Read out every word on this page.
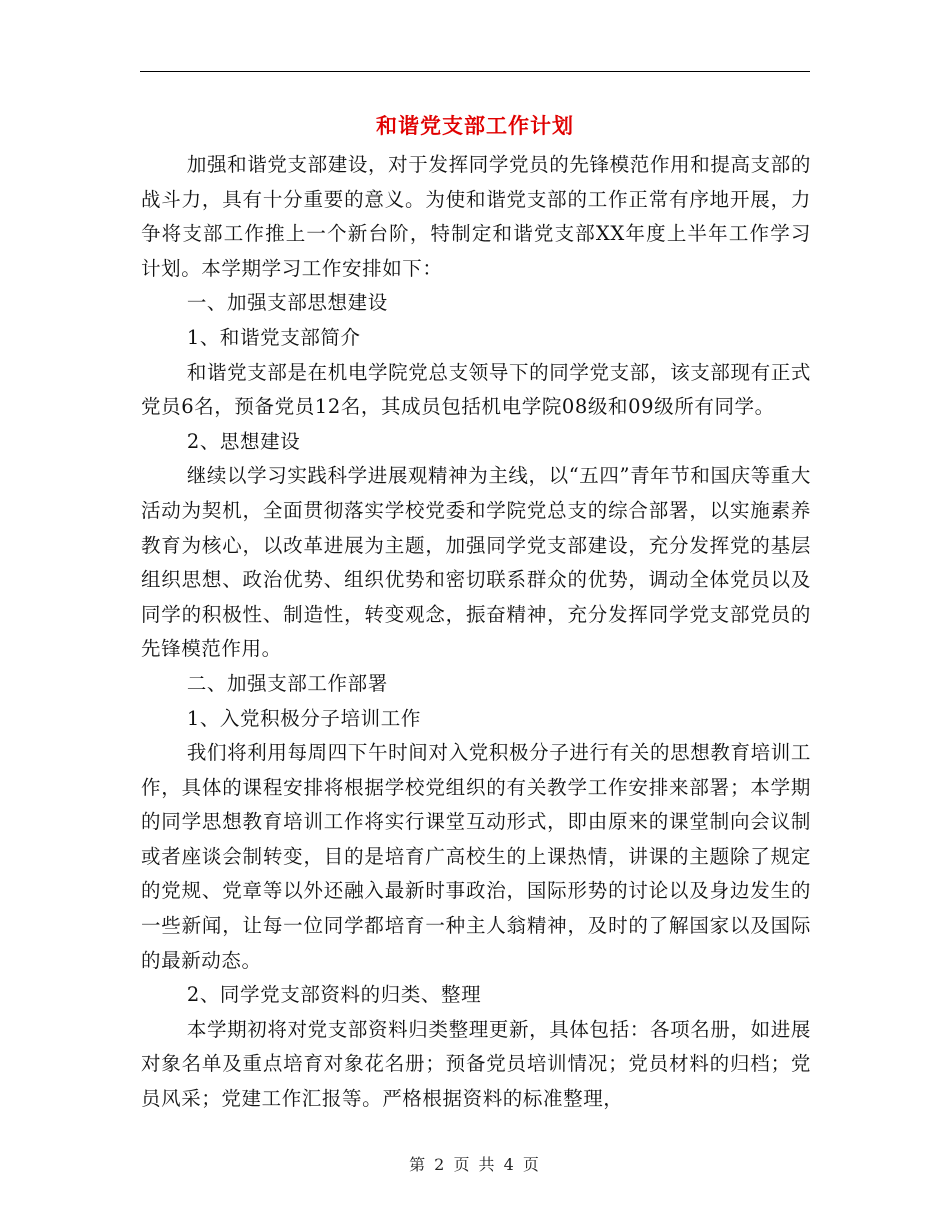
和谐党支部工作计划

加强和谐党支部建设，对于发挥同学党员的先锋模范作用和提高支部的战斗力，具有十分重要的意义。为使和谐党支部的工作正常有序地开展，力争将支部工作推上一个新台阶，特制定和谐党支部XX年度上半年工作学习计划。本学期学习工作安排如下：

一、加强支部思想建设

1、和谐党支部简介

和谐党支部是在机电学院党总支领导下的同学党支部，该支部现有正式党员6名，预备党员12名，其成员包括机电学院08级和09级所有同学。

2、思想建设

继续以学习实践科学进展观精神为主线，以“五四”青年节和国庆等重大活动为契机，全面贯彻落实学校党委和学院党总支的综合部署，以实施素养教育为核心，以改革进展为主题，加强同学党支部建设，充分发挥党的基层组织思想、政治优势、组织优势和密切联系群众的优势，调动全体党员以及同学的积极性、制造性，转变观念，振奋精神，充分发挥同学党支部党员的先锋模范作用。

二、加强支部工作部署

1、入党积极分子培训工作

我们将利用每周四下午时间对入党积极分子进行有关的思想教育培训工作，具体的课程安排将根据学校党组织的有关教学工作安排来部署；本学期的同学思想教育培训工作将实行课堂互动形式，即由原来的课堂制向会议制或者座谈会制转变，目的是培育广高校生的上课热情，讲课的主题除了规定的党规、党章等以外还融入最新时事政治，国际形势的讨论以及身边发生的一些新闻，让每一位同学都培育一种主人翁精神，及时的了解国家以及国际的最新动态。

2、同学党支部资料的归类、整理

本学期初将对党支部资料归类整理更新，具体包括：各项名册，如进展对象名单及重点培育对象花名册；预备党员培训情况；党员材料的归档；党员风采；党建工作汇报等。严格根据资料的标准整理，

第 2 页 共 4 页
